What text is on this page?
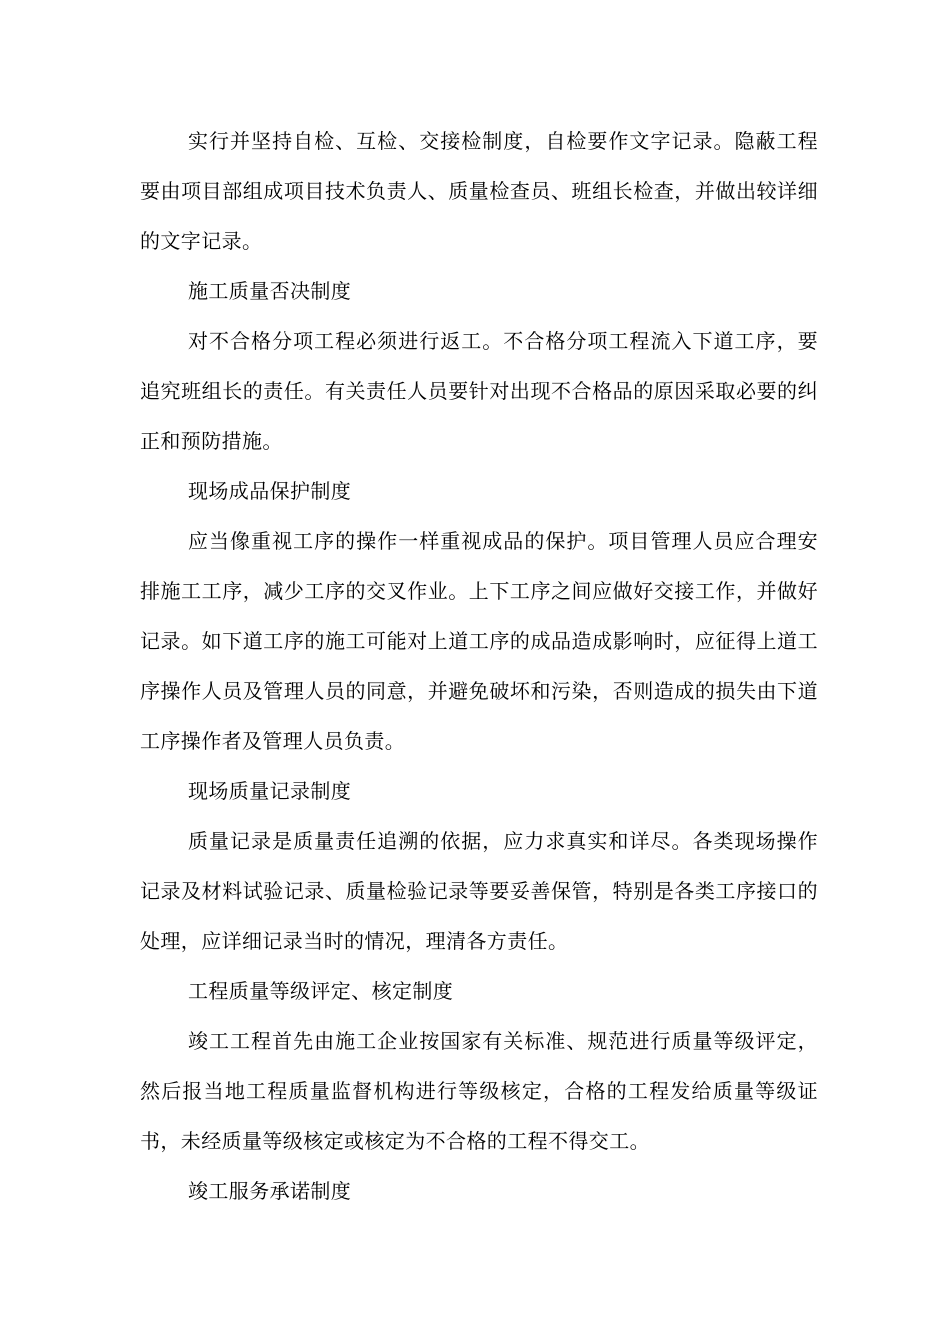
实行并坚持自检、互检、交接检制度，自检要作文字记录。隐蔽工程要由项目部组成项目技术负责人、质量检查员、班组长检查，并做出较详细的文字记录。

施工质量否决制度

对不合格分项工程必须进行返工。不合格分项工程流入下道工序，要追究班组长的责任。有关责任人员要针对出现不合格品的原因采取必要的纠正和预防措施。

现场成品保护制度

应当像重视工序的操作一样重视成品的保护。项目管理人员应合理安排施工工序，减少工序的交叉作业。上下工序之间应做好交接工作，并做好记录。如下道工序的施工可能对上道工序的成品造成影响时，应征得上道工序操作人员及管理人员的同意，并避免破坏和污染，否则造成的损失由下道工序操作者及管理人员负责。

现场质量记录制度

质量记录是质量责任追溯的依据，应力求真实和详尽。各类现场操作记录及材料试验记录、质量检验记录等要妥善保管，特别是各类工序接口的处理，应详细记录当时的情况，理清各方责任。

工程质量等级评定、核定制度

竣工工程首先由施工企业按国家有关标准、规范进行质量等级评定，然后报当地工程质量监督机构进行等级核定，合格的工程发给质量等级证书，未经质量等级核定或核定为不合格的工程不得交工。

竣工服务承诺制度
